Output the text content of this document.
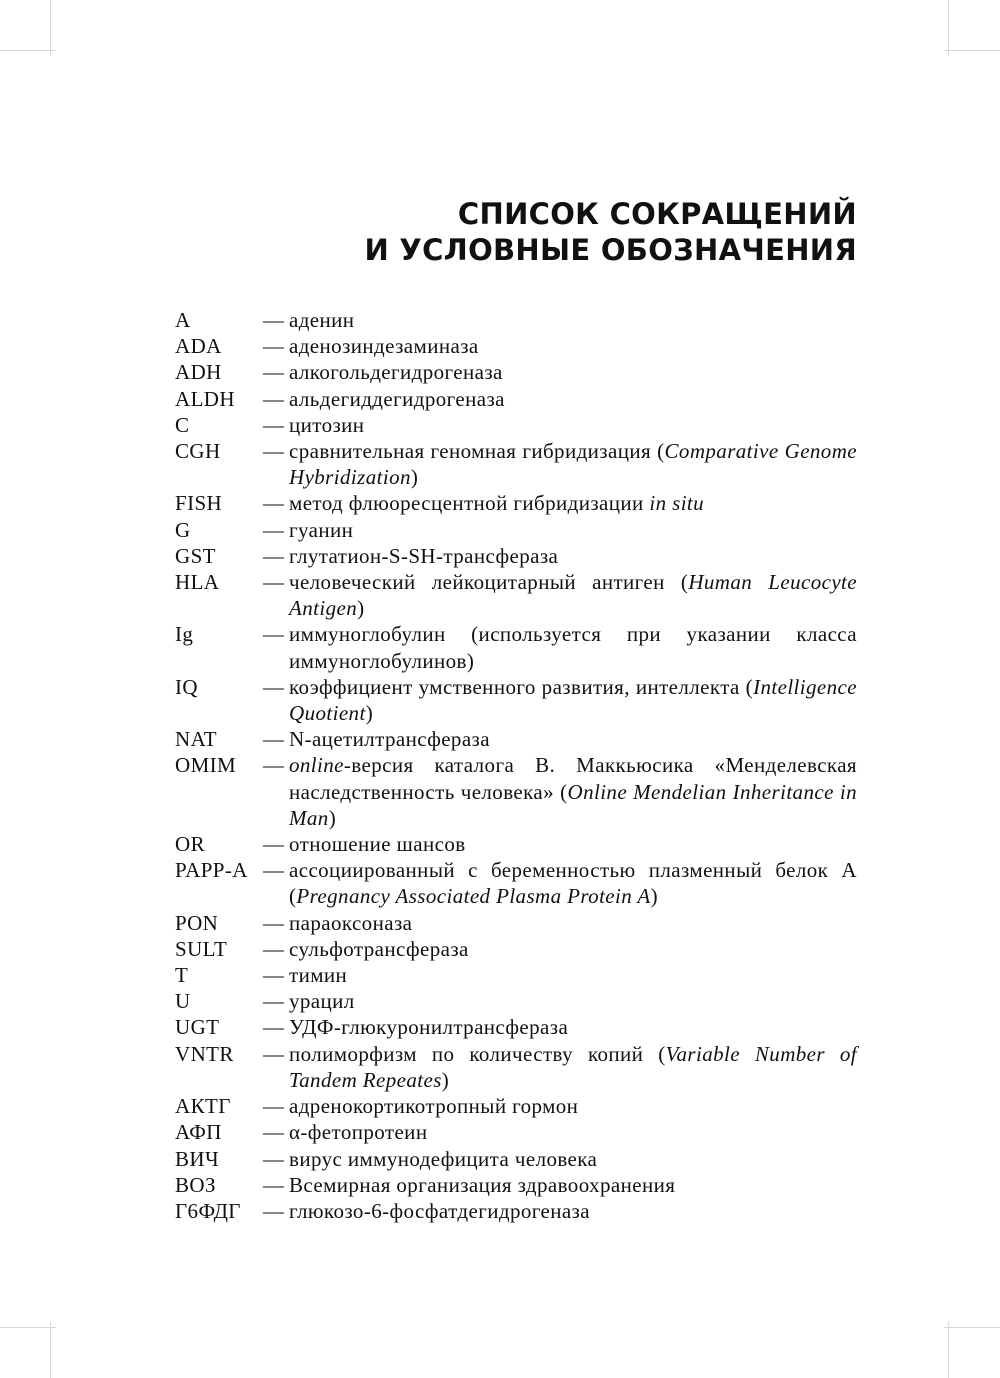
СПИСОК СОКРАЩЕНИЙ
И УСЛОВНЫЕ ОБОЗНАЧЕНИЯ
A	— аденин
ADA	— аденозиндезаминаза
ADH	— алкогольдегидрогеназа
ALDH	— альдегиддегидрогеназа
C	— цитозин
CGH	— сравнительная геномная гибридизация (Comparative Genome Hybridization)
FISH	— метод флюоресцентной гибридизации in situ
G	— гуанин
GST	— глутатион-S-SH-трансфераза
HLA	— человеческий лейкоцитарный антиген (Human Leucocyte Antigen)
Ig	— иммуноглобулин (используется при указании класса иммуноглобулинов)
IQ	— коэффициент умственного развития, интеллекта (Intelligence Quotient)
NAT	— N-ацетилтрансфераза
OMIM	— online-версия каталога В. Маккьюсика «Менделевская наследственность человека» (Online Mendelian Inheritance in Man)
OR	— отношение шансов
PAPP-A — ассоциированный с беременностью плазменный белок А (Pregnancy Associated Plasma Protein A)
PON	— параоксоназа
SULT	— сульфотрансфераза
T	— тимин
U	— урацил
UGT	— УДФ-глюкуронилтрансфераза
VNTR	— полиморфизм по количеству копий (Variable Number of Tandem Repeates)
АКТГ	— адренокортикотропный гормон
АФП	— α-фетопротеин
ВИЧ	— вирус иммунодефицита человека
ВОЗ	— Всемирная организация здравоохранения
Г6ФДГ	— глюкозо-6-фосфатдегидрогеназа
